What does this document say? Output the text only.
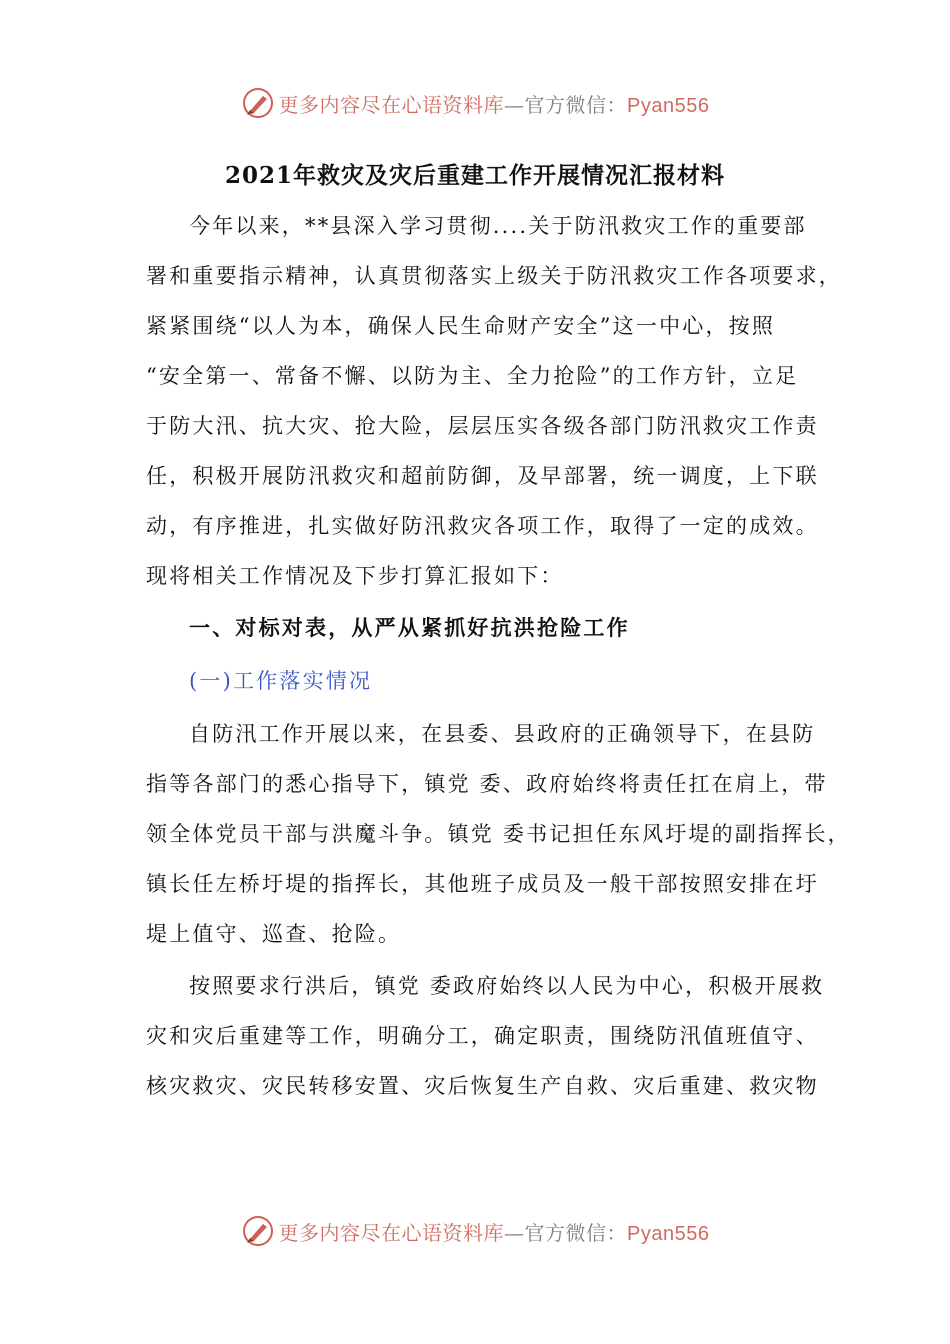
更多内容尽在心语资料库—官方微信：Pyan556
2021年救灾及灾后重建工作开展情况汇报材料
今年以来，**县深入学习贯彻....关于防汛救灾工作的重要部
署和重要指示精神，认真贯彻落实上级关于防汛救灾工作各项要求，
紧紧围绕“以人为本，确保人民生命财产安全”这一中心，按照
“安全第一、常备不懈、以防为主、全力抢险”的工作方针，立足
于防大汛、抗大灾、抢大险，层层压实各级各部门防汛救灾工作责
任，积极开展防汛救灾和超前防御，及早部署，统一调度，上下联
动，有序推进，扎实做好防汛救灾各项工作，取得了一定的成效。
现将相关工作情况及下步打算汇报如下：
一、对标对表，从严从紧抓好抗洪抢险工作
(一)工作落实情况
自防汛工作开展以来，在县委、县政府的正确领导下，在县防
指等各部门的悉心指导下，镇党 委、政府始终将责任扛在肩上，带
领全体党员干部与洪魔斗争。镇党 委书记担任东风圩堤的副指挥长，
镇长任左桥圩堤的指挥长，其他班子成员及一般干部按照安排在圩
堤上值守、巡查、抢险。
按照要求行洪后，镇党 委政府始终以人民为中心，积极开展救
灾和灾后重建等工作，明确分工，确定职责，围绕防汛值班值守、
核灾救灾、灾民转移安置、灾后恢复生产自救、灾后重建、救灾物
更多内容尽在心语资料库—官方微信：Pyan556
